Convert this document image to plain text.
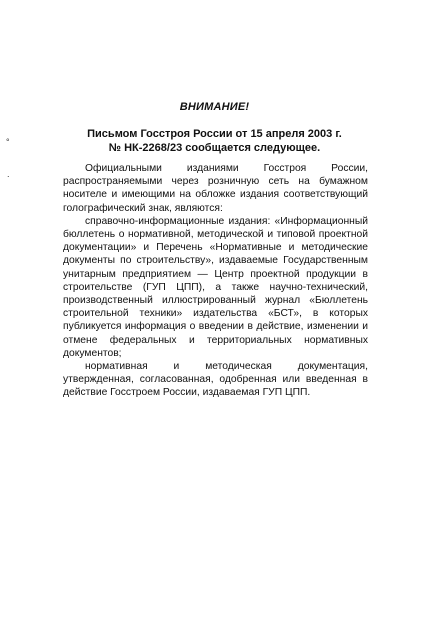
°
.
ВНИМАНИЕ!
Письмом Госстроя России от 15 апреля 2003 г.
№ НК-2268/23 сообщается следующее.

Официальными изданиями Госстроя России, распространяемыми через розничную сеть на бумажном носителе и имеющими на обложке издания соответствующий голографический знак, являются:

справочно-информационные издания: «Информационный бюллетень о нормативной, методической и типовой проектной документации» и Перечень «Нормативные и методические документы по строительству», издаваемые Государственным унитарным предприятием — Центр проектной продукции в строительстве (ГУП ЦПП), а также научно-технический, производственный иллюстрированный журнал «Бюллетень строительной техники» издательства «БСТ», в которых публикуется информация о введении в действие, изменении и отмене федеральных и территориальных нормативных документов;

нормативная и методическая документация, утвержденная, согласованная, одобренная или введенная в действие Госстроем России, издаваемая ГУП ЦПП.
